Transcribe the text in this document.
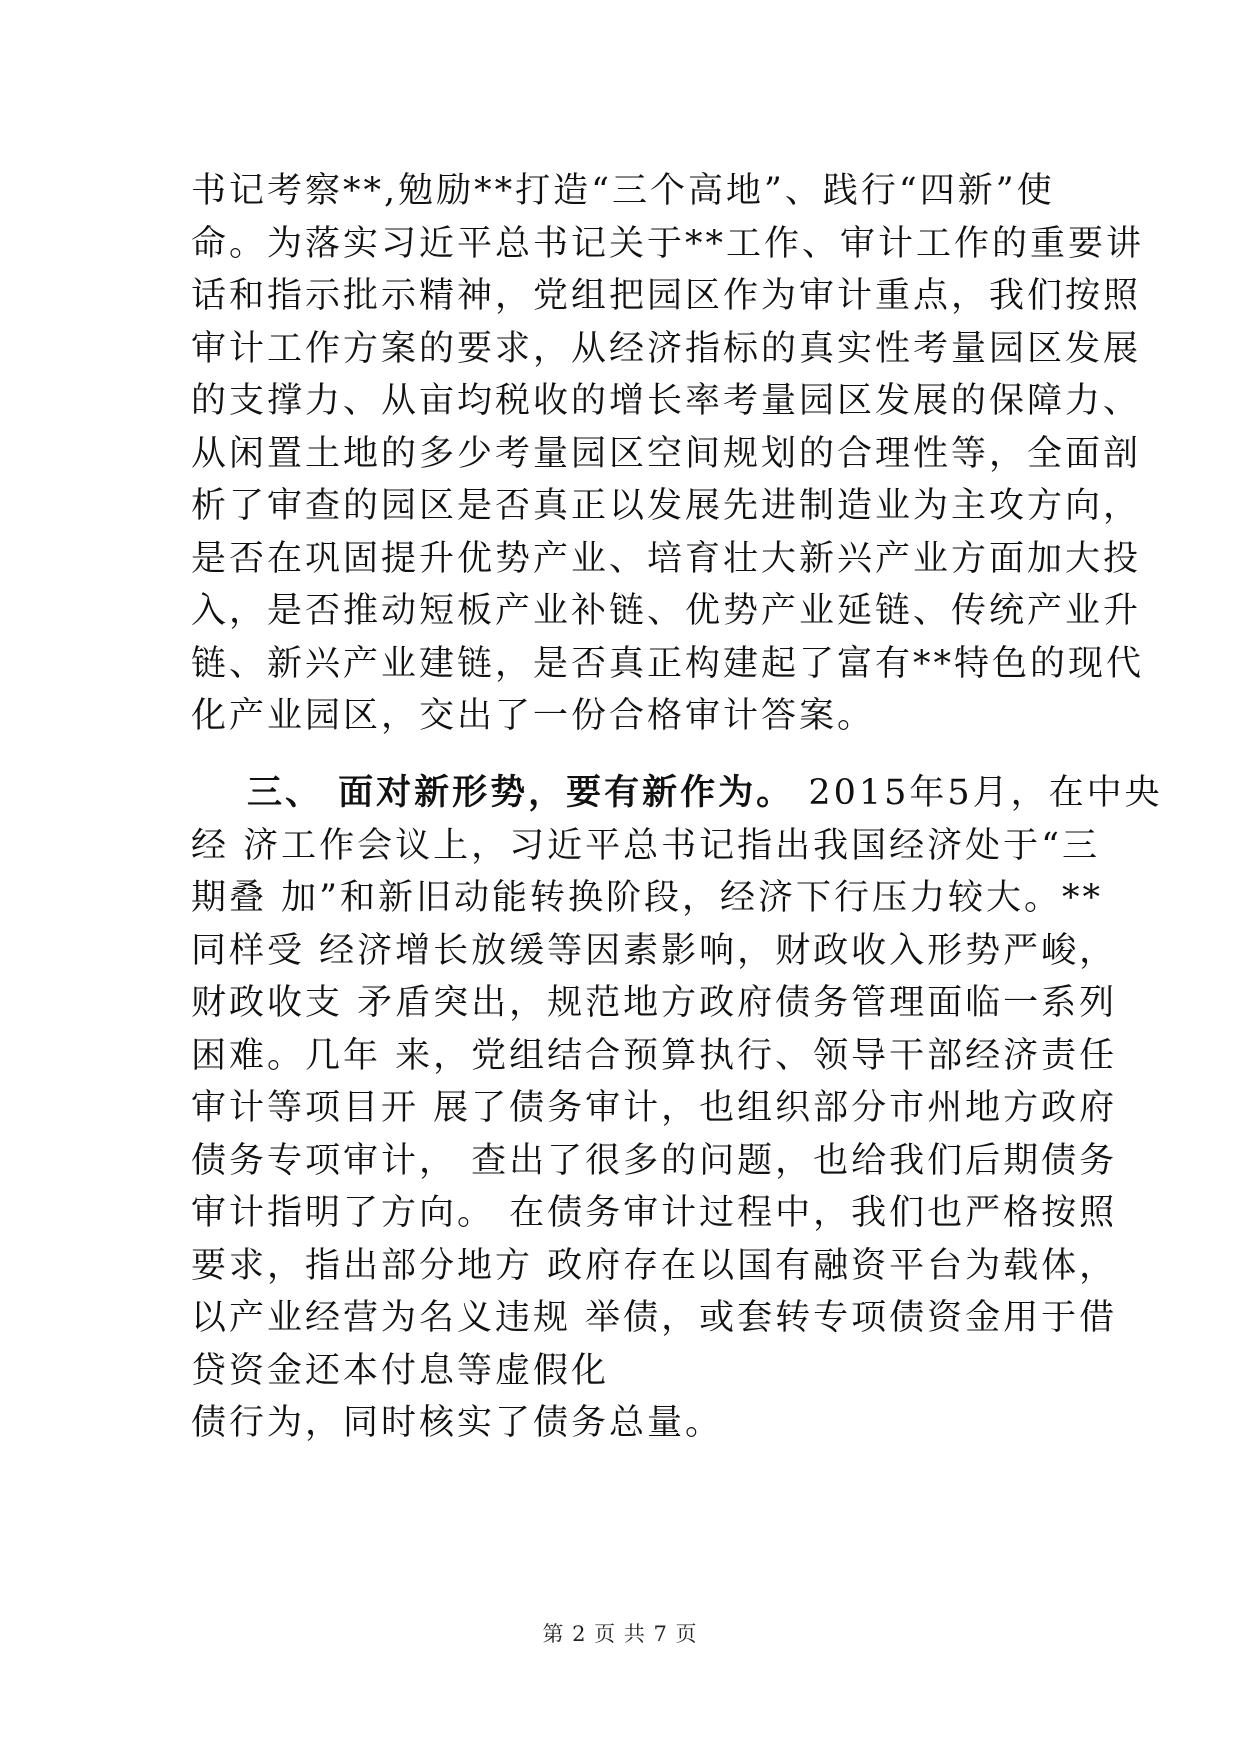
书记考察**,勉励**打造“三个高地”、践行“四新”使
命。为落实习近平总书记关于**工作、审计工作的重要讲
话和指示批示精神，党组把园区作为审计重点，我们按照
审计工作方案的要求，从经济指标的真实性考量园区发展
的支撑力、从亩均税收的增长率考量园区发展的保障力、
从闲置土地的多少考量园区空间规划的合理性等，全面剖
析了审查的园区是否真正以发展先进制造业为主攻方向，
是否在巩固提升优势产业、培育壮大新兴产业方面加大投
入，是否推动短板产业补链、优势产业延链、传统产业升
链、新兴产业建链，是否真正构建起了富有**特色的现代
化产业园区，交出了一份合格审计答案。
三、 面对新形势，要有新作为。 2015年5月，在中央
经 济工作会议上，习近平总书记指出我国经济处于“三
期叠 加”和新旧动能转换阶段，经济下行压力较大。**
同样受 经济增长放缓等因素影响，财政收入形势严峻，
财政收支 矛盾突出，规范地方政府债务管理面临一系列
困难。几年 来，党组结合预算执行、领导干部经济责任
审计等项目开 展了债务审计，也组织部分市州地方政府
债务专项审计， 查出了很多的问题，也给我们后期债务
审计指明了方向。 在债务审计过程中，我们也严格按照
要求，指出部分地方 政府存在以国有融资平台为载体，
以产业经营为名义违规 举债，或套转专项债资金用于借
贷资金还本付息等虚假化
债行为，同时核实了债务总量。
第 2 页 共 7 页
